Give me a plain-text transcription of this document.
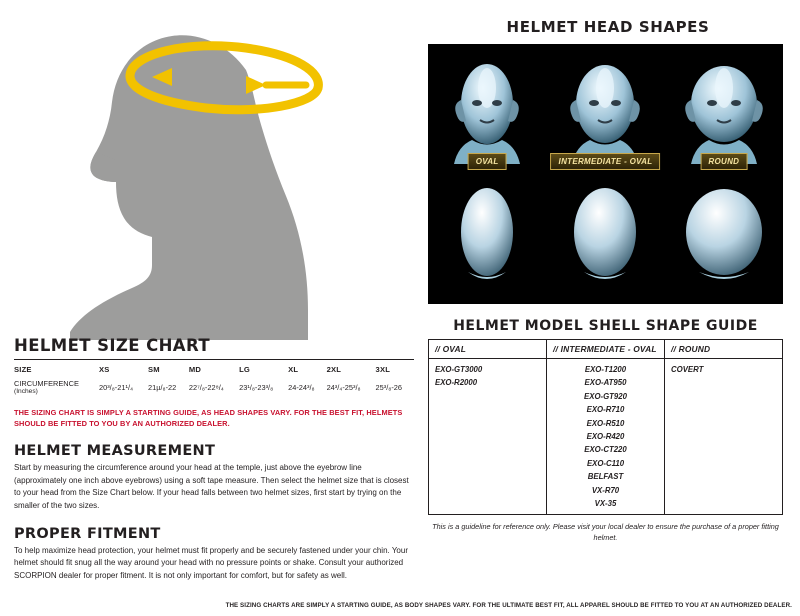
HELMET SIZE CHART
SIZE	XS	SM	MD	LG	XL	2XL	3XL
CIRCUMFERENCE
(Inches)	20³/₈-21¹/₄	21µ/₈-22	22⁷/₈-22⁸/₄	23¹/₈-23³/₈	24-24³/₈	24³/₄-25³/₈	25³/₈-26

THE SIZING CHART IS SIMPLY A STARTING GUIDE, AS HEAD SHAPES VARY. FOR THE BEST FIT, HELMETS SHOULD BE FITTED TO YOU BY AN AUTHORIZED DEALER.

HELMET MEASUREMENT

Start by measuring the circumference around your head at the temple, just above the eyebrow line (approximately one inch above eyebrows) using a soft tape measure. Then select the helmet size that is closest to your head from the Size Chart below. If your head falls between two helmet sizes, first start by trying on the smaller of the two sizes.

PROPER FITMENT

To help maximize head protection, your helmet must fit properly and be securely fastened under your chin. Your helmet should fit snug all the way around your head with no pressure points or shake. Consult your authorized SCORPION dealer for proper fitment. It is not only important for comfort, but for safety as well.

HELMET HEAD SHAPES
OVAL	INTERMEDIATE - OVAL	ROUND
HELMET MODEL SHELL SHAPE GUIDE
// OVAL	// INTERMEDIATE - OVAL	// ROUND

EXO-GT3000
EXO-R2000

EXO-T1200
EXO-AT950
EXO-GT920
EXO-R710
EXO-R510
EXO-R420
EXO-CT220
EXO-C110
BELFAST
VX-R70
VX-35

COVERT

This is a guideline for reference only. Please visit your local dealer to ensure the purchase of a proper fitting helmet.

THE SIZING CHARTS ARE SIMPLY A STARTING GUIDE, AS BODY SHAPES VARY. FOR THE ULTIMATE BEST FIT, ALL APPAREL SHOULD BE FITTED TO YOU AT AN AUTHORIZED DEALER.
